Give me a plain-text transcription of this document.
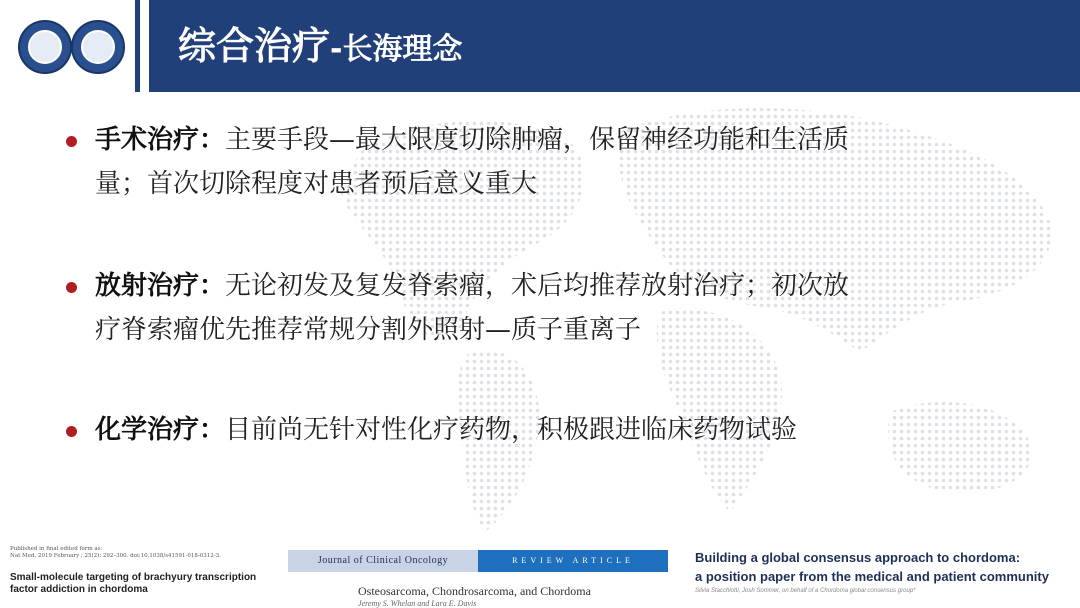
综合治疗-长海理念
手术治疗：主要手段—最大限度切除肿瘤，保留神经功能和生活质量；首次切除程度对患者预后意义重大
放射治疗：无论初发及复发脊索瘤，术后均推荐放射治疗；初次放疗脊索瘤优先推荐常规分割外照射—质子重离子
化学治疗：目前尚无针对性化疗药物，积极跟进临床药物试验
Published in final edited form as:
Nat Med. 2019 February ; 25(2): 292–300. doi:10.1038/s41591-018-0312-3.
Small-molecule targeting of brachyury transcription factor addiction in chordoma
Journal of Clinical Oncology	REVIEW ARTICLE
Osteosarcoma, Chondrosarcoma, and Chordoma
Jeremy S. Whelan and Lara E. Davis
Building a global consensus approach to chordoma:
a position paper from the medical and patient community
Silvia Stacchiotti, Josh Sommer, on behalf of a Chordoma global consensus group*
